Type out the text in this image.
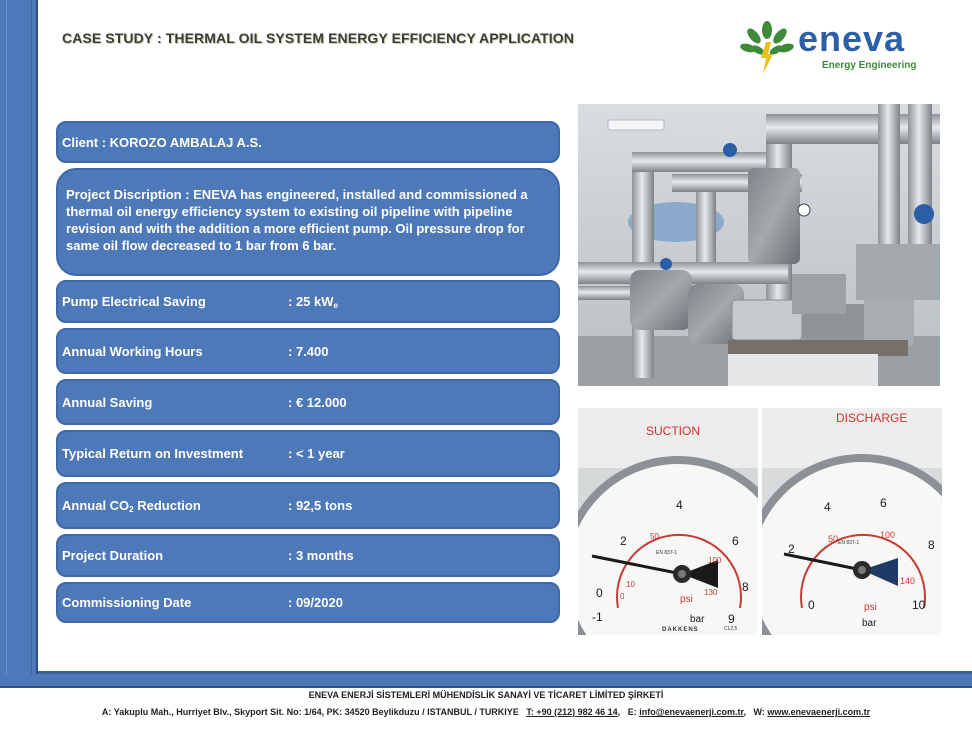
CASE STUDY : THERMAL OIL SYSTEM ENERGY EFFICIENCY APPLICATION	eneva
Energy Engineering
Client : KOROZO AMBALAJ A.S.
Project Discription : ENEVA has engineered, installed and commissioned a thermal oil energy efficiency system to existing oil pipeline with pipeline revision and with the addition a more efficient pump. Oil pressure drop for same oil flow decreased to 1 bar from 6 bar.
Pump Electrical Saving	: 25 $kW_e$
Annual Working Hours	: 7.400
Annual Saving	: € 12.000
Typical Return on Investment	: < 1 year
Annual $CO_2$ Reduction	: 92,5 tons
Project Duration	: 3 months
Commissioning Date	: 09/2020
SUCTION
-1
0
2
4
6
8
9
0
10
50
100
130
psi
EN 837-1
bar
CL2,5
DAKKENS
DISCHARGE
0
2
4	6
8
10
50	100
140
psi
EN 837-1
bar
ENEVA ENERJİ SİSTEMLERİ MÜHENDİSLİK SANAYİ VE TİCARET LİMİTED ŞİRKETİ
A: Yakuplu Mah., Hurriyet Blv., Skyport Sit. No: 1/64, PK: 34520 Beylikduzu / ISTANBUL / TURKIYE T: +90 (212) 982 46 14,   E: info@enevaenerji.com.tr,   W: www.enevaenerji.com.tr
